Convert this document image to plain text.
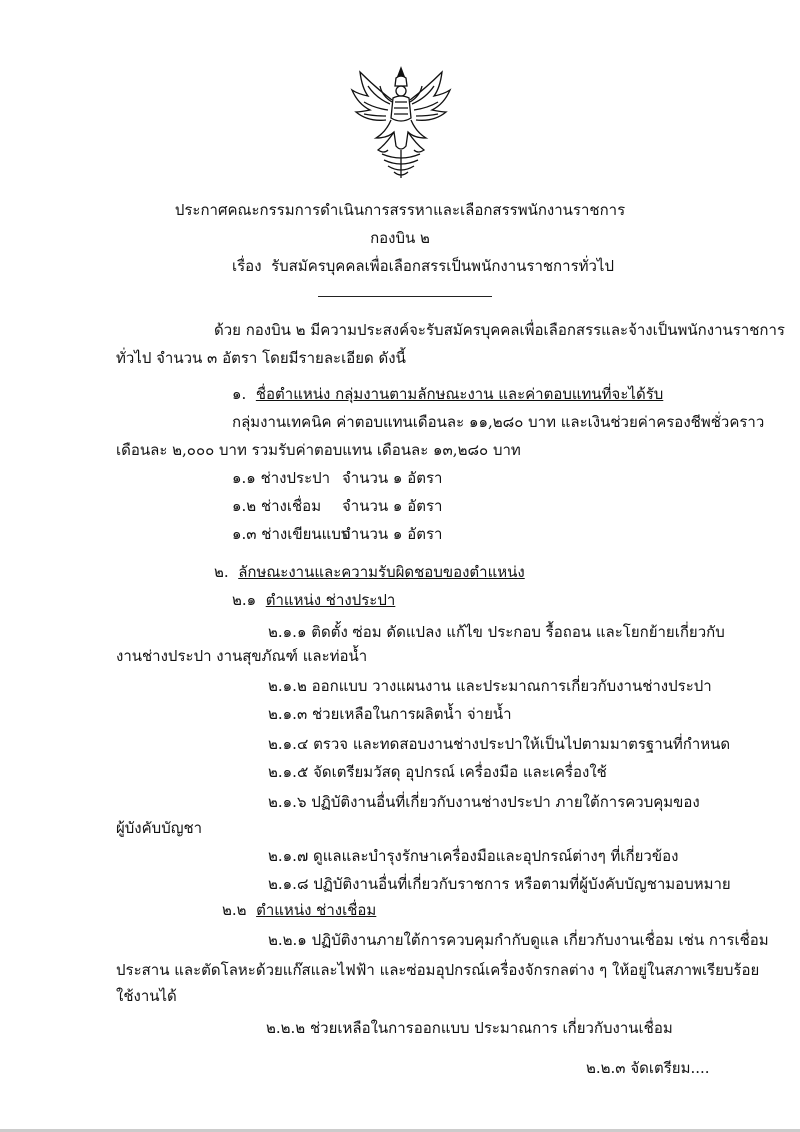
ประกาศคณะกรรมการดำเนินการสรรหาและเลือกสรรพนักงานราชการ
กองบิน ๒
เรื่อง รับสมัครบุคคลเพื่อเลือกสรรเป็นพนักงานราชการทั่วไป
ด้วย กองบิน ๒ มีความประสงค์จะรับสมัครบุคคลเพื่อเลือกสรรและจ้างเป็นพนักงานราชการ
ทั่วไป จำนวน ๓ อัตรา โดยมีรายละเอียด ดังนี้
๑. ชื่อตำแหน่ง กลุ่มงานตามลักษณะงาน และค่าตอบแทนที่จะได้รับ
กลุ่มงานเทคนิค ค่าตอบแทนเดือนละ ๑๑,๒๘๐ บาท และเงินช่วยค่าครองชีพชั่วคราว
เดือนละ ๒,๐๐๐ บาท รวมรับค่าตอบแทน เดือนละ ๑๓,๒๘๐ บาท
๑.๑ ช่างประปา จำนวน ๑ อัตรา
๑.๒ ช่างเชื่อม จำนวน ๑ อัตรา
๑.๓ ช่างเขียนแบบจำนวน ๑ อัตรา
๒. ลักษณะงานและความรับผิดชอบของตำแหน่ง
๒.๑ ตำแหน่ง ช่างประปา
๒.๑.๑ ติดตั้ง ซ่อม ดัดแปลง แก้ไข ประกอบ รื้อถอน และโยกย้ายเกี่ยวกับ
งานช่างประปา งานสุขภัณฑ์ และท่อน้ำ
๒.๑.๒ ออกแบบ วางแผนงาน และประมาณการเกี่ยวกับงานช่างประปา
๒.๑.๓ ช่วยเหลือในการผลิตน้ำ จ่ายน้ำ
๒.๑.๔ ตรวจ และทดสอบงานช่างประปาให้เป็นไปตามมาตรฐานที่กำหนด
๒.๑.๕ จัดเตรียมวัสดุ อุปกรณ์ เครื่องมือ และเครื่องใช้
๒.๑.๖ ปฏิบัติงานอื่นที่เกี่ยวกับงานช่างประปา ภายใต้การควบคุมของ
ผู้บังคับบัญชา
๒.๑.๗ ดูแลและบำรุงรักษาเครื่องมือและอุปกรณ์ต่างๆ ที่เกี่ยวข้อง
๒.๑.๘ ปฏิบัติงานอื่นที่เกี่ยวกับราชการ หรือตามที่ผู้บังคับบัญชามอบหมาย
๒.๒ ตำแหน่ง ช่างเชื่อม
๒.๒.๑ ปฏิบัติงานภายใต้การควบคุมกำกับดูแล เกี่ยวกับงานเชื่อม เช่น การเชื่อม
ประสาน และตัดโลหะด้วยแก๊สและไฟฟ้า และซ่อมอุปกรณ์เครื่องจักรกลต่าง ๆ ให้อยู่ในสภาพเรียบร้อย
ใช้งานได้
๒.๒.๒ ช่วยเหลือในการออกแบบ ประมาณการ เกี่ยวกับงานเชื่อม
๒.๒.๓ จัดเตรียม....
